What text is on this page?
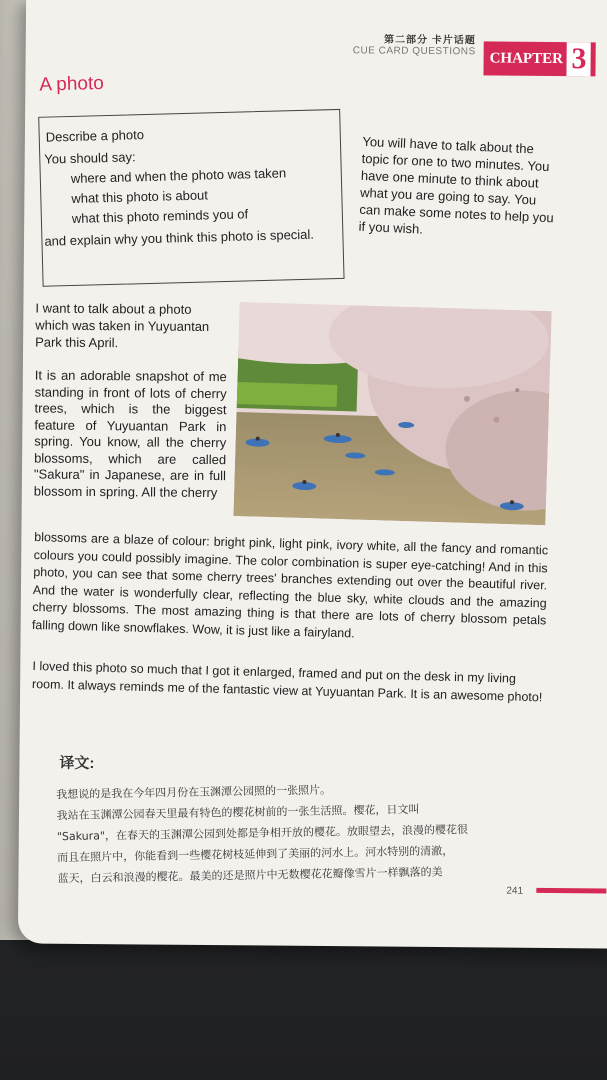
第二部分 卡片话题
CUE CARD QUESTIONS CHAPTER 3
A photo
Describe a photo
You should say:
where and when the photo was taken
what this photo is about
what this photo reminds you of
and explain why you think this photo is special.
You will have to talk about the topic for one to two minutes. You have one minute to think about what you are going to say. You can make some notes to help you if you wish.
I want to talk about a photo which was taken in Yuyuantan Park this April.
It is an adorable snapshot of me standing in front of lots of cherry trees, which is the biggest feature of Yuyuantan Park in spring. You know, all the cherry blossoms, which are called "Sakura" in Japanese, are in full blossom in spring. All the cherry
blossoms are a blaze of colour: bright pink, light pink, ivory white, all the fancy and romantic colours you could possibly imagine. The color combination is super eye-catching! And in this photo, you can see that some cherry trees' branches extending out over the beautiful river. And the water is wonderfully clear, reflecting the blue sky, white clouds and the amazing cherry blossoms. The most amazing thing is that there are lots of cherry blossom petals falling down like snowflakes. Wow, it is just like a fairyland.
I loved this photo so much that I got it enlarged, framed and put on the desk in my living room. It always reminds me of the fantastic view at Yuyuantan Park. It is an awesome photo!
译文:
我想说的是我在今年四月份在玉渊潭公园照的一张照片。
我站在玉渊潭公园春天里最有特色的樱花树前的一张生活照。樱花，日文叫
"Sakura"，在春天的玉渊潭公园到处都是争相开放的樱花。放眼望去，浪漫的樱花很
而且在照片中，你能看到一些樱花树枝延伸到了美丽的河水上。河水特别的清澈，
蓝天，白云和浪漫的樱花。最美的还是照片中无数樱花花瓣像雪片一样飘落的美
241
